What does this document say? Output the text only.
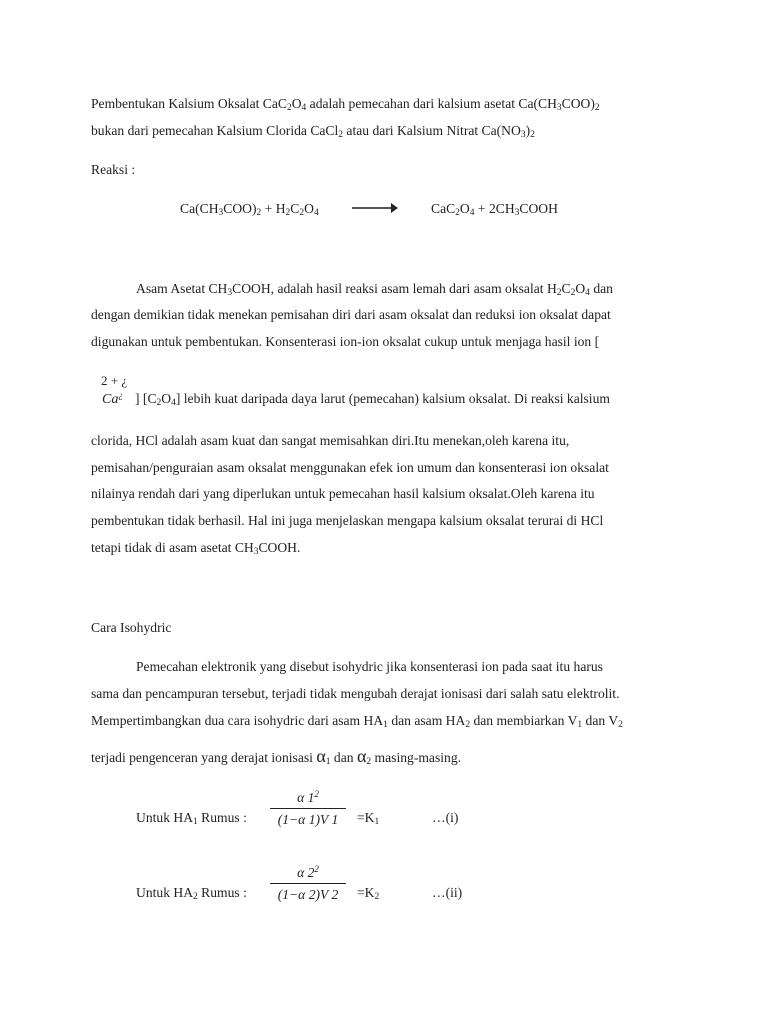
Pembentukan Kalsium Oksalat $CaC_2O_4$ adalah pemecahan dari kalsium asetat $Ca(CH_3COO)_2$
bukan dari pemecahan Kalsium Clorida CaCl$_2$ atau dari Kalsium Nitrat $Ca(NO_3)_2$
Reaksi :
$Ca(CH_3COO)_2 + H_2C_2O_4$	$CaC_2O_4$ + $2CH_3COOH$
Asam Asetat $CH_3COOH$, adalah hasil reaksi asam lemah dari asam oksalat $H_2C_2O_4$ dan
dengan demikian tidak menekan pemisahan diri dari asam oksalat dan reduksi ion oksalat dapat
digunakan untuk pembentukan. Konsenterasi ion-ion oksalat cukup untuk menjaga hasil ion [
2 + ¿
Ca¿ ] $[C_2O_4]$ lebih kuat daripada daya larut (pemecahan) kalsium oksalat. Di reaksi kalsium
clorida, HCl adalah asam kuat dan sangat memisahkan diri.Itu menekan,oleh karena itu,
pemisahan/penguraian asam oksalat menggunakan efek ion umum dan konsenterasi ion oksalat
nilainya rendah dari yang diperlukan untuk pemecahan hasil kalsium oksalat.Oleh karena itu
pembentukan tidak berhasil. Hal ini juga menjelaskan mengapa kalsium oksalat terurai di HCl
tetapi tidak di asam asetat $CH_3COOH$.
Cara Isohydric
Pemecahan elektronik yang disebut isohydric jika konsenterasi ion pada saat itu harus
sama dan pencampuran tersebut, terjadi tidak mengubah derajat ionisasi dari salah satu elektrolit.
Mempertimbangkan dua cara isohydric dari asam $HA_1$ dan asam $HA_2$ dan membiarkan $V_1$ dan $V_2$
terjadi pengenceran yang derajat ionisasi $\alpha_1$ dan $\alpha_2$ masing-masing.
Untuk $HA_1$ Rumus :
α $1^2$
(1−α 1)V 1	$=K_1$	…(i)
Untuk $HA_2$ Rumus :
α $2^2$
(1−α 2)V 2	$=K_2$	…(ii)
